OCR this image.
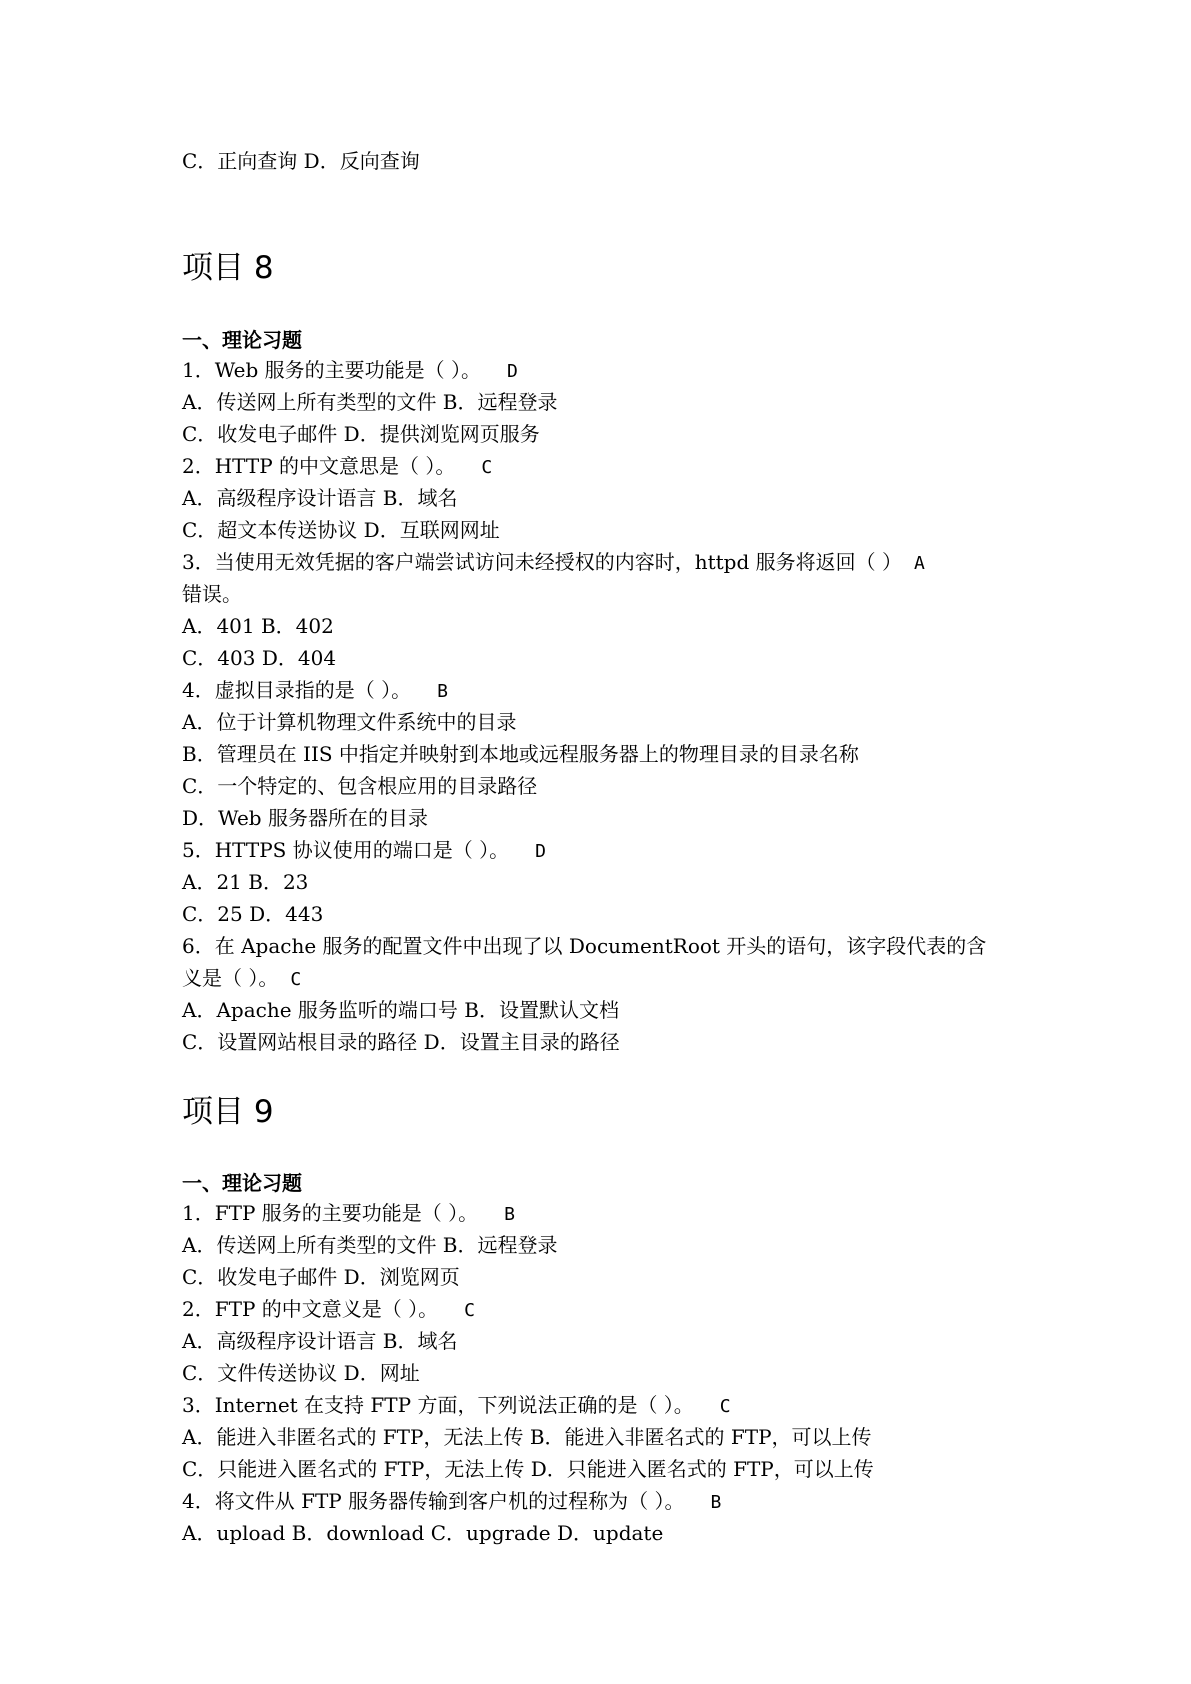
C．正向查询 D．反向查询
项目 8
一、理论习题
1．Web 服务的主要功能是（ ）。 D
A．传送网上所有类型的文件 B．远程登录
C．收发电子邮件 D．提供浏览网页服务
2．HTTP 的中文意思是（ ）。 C
A．高级程序设计语言 B．域名
C．超文本传送协议 D．互联网网址
3．当使用无效凭据的客户端尝试访问未经授权的内容时，httpd 服务将返回（ ） A
错误。
A．401 B．402
C．403 D．404
4．虚拟目录指的是（ ）。 B
A．位于计算机物理文件系统中的目录
B．管理员在 IIS 中指定并映射到本地或远程服务器上的物理目录的目录名称
C．一个特定的、包含根应用的目录路径
D．Web 服务器所在的目录
5．HTTPS 协议使用的端口是（ ）。 D
A．21 B．23
C．25 D．443
6．在 Apache 服务的配置文件中出现了以 DocumentRoot 开头的语句，该字段代表的含
义是（ ）。 C
A．Apache 服务监听的端口号 B．设置默认文档
C．设置网站根目录的路径 D．设置主目录的路径
项目 9
一、理论习题
1．FTP 服务的主要功能是（ ）。 B
A．传送网上所有类型的文件 B．远程登录
C．收发电子邮件 D．浏览网页
2．FTP 的中文意义是（ ）。 C
A．高级程序设计语言 B．域名
C．文件传送协议 D．网址
3．Internet 在支持 FTP 方面，下列说法正确的是（ ）。 C
A．能进入非匿名式的 FTP，无法上传 B．能进入非匿名式的 FTP，可以上传
C．只能进入匿名式的 FTP，无法上传 D．只能进入匿名式的 FTP，可以上传
4．将文件从 FTP 服务器传输到客户机的过程称为（ ）。 B
A．upload B．download C．upgrade D．update
